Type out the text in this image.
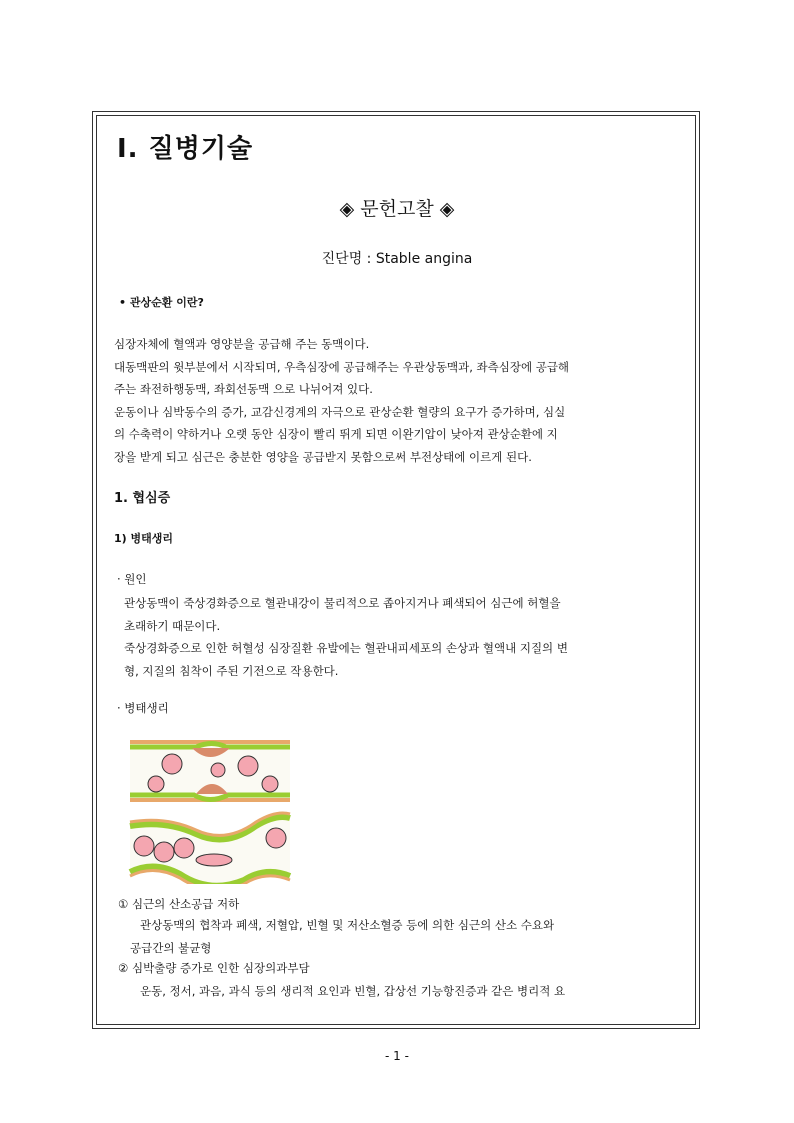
Ⅰ. 질병기술
◈ 문헌고찰 ◈
진단명 : Stable angina
• 관상순환 이란?
심장자체에 혈액과 영양분을 공급해 주는 동맥이다.
대동맥판의 윗부분에서 시작되며, 우측심장에 공급해주는 우관상동맥과, 좌측심장에 공급해
주는 좌전하행동맥, 좌회선동맥 으로 나뉘어져 있다.
운동이나 심박동수의 증가, 교감신경계의 자극으로 관상순환 혈량의 요구가 증가하며, 심실
의 수축력이 약하거나 오랫 동안 심장이 빨리 뛰게 되면 이완기압이 낮아져 관상순환에 지
장을 받게 되고 심근은 충분한 영양을 공급받지 못함으로써 부전상태에 이르게 된다.
1. 협심증
1) 병태생리
· 원인
관상동맥이 죽상경화증으로 혈관내강이 물리적으로 좁아지거나 폐색되어 심근에 허혈을
초래하기 때문이다.
죽상경화증으로 인한 허혈성 심장질환 유발에는 혈관내피세포의 손상과 혈액내 지질의 변
형, 지질의 침착이 주된 기전으로 작용한다.
· 병태생리
① 심근의 산소공급 저하
관상동맥의 협착과 폐색, 저혈압, 빈혈 및 저산소혈증 등에 의한 심근의 산소 수요와
공급간의 불균형
② 심박출량 증가로 인한 심장의과부담
운동, 정서, 과음, 과식 등의 생리적 요인과 빈혈, 갑상선 기능항진증과 같은 병리적 요
- 1 -
